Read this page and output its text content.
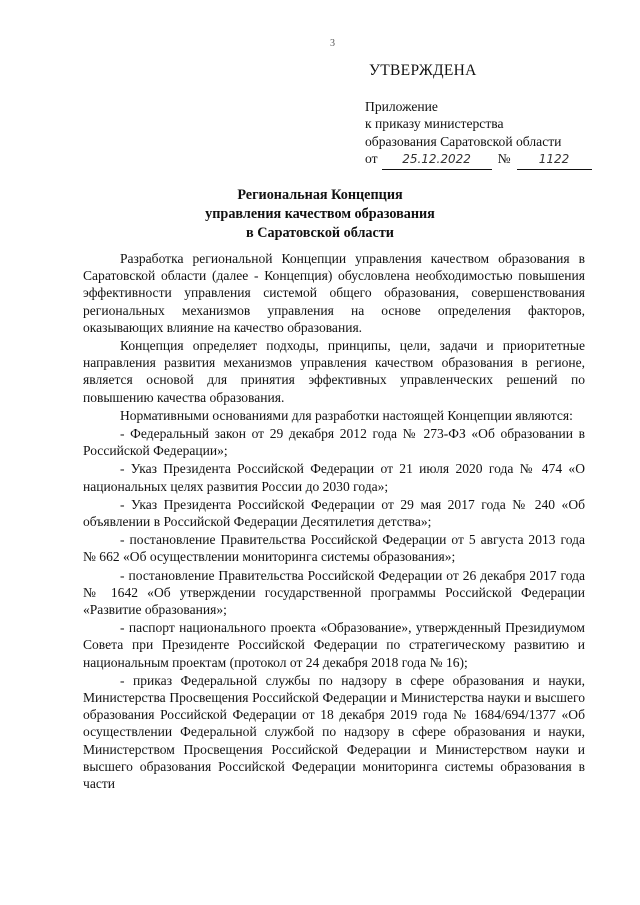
3
УТВЕРЖДЕНА
Приложение
к приказу министерства
образования Саратовской области
от	25.12.2022	№	1122
Региональная Концепция
управления качеством образования
в Саратовской области

Разработка региональной Концепции управления качеством образования в Саратовской области (далее - Концепция) обусловлена необходимостью повышения эффективности управления системой общего образования, совершенствования региональных механизмов управления на основе определения факторов, оказывающих влияние на качество образования.

Концепция определяет подходы, принципы, цели, задачи и приоритетные направления развития механизмов управления качеством образования в регионе, является основой для принятия эффективных управленческих решений по повышению качества образования.

Нормативными основаниями для разработки настоящей Концепции являются:

- Федеральный закон от 29 декабря 2012 года № 273-ФЗ «Об образовании в Российской Федерации»;

- Указ Президента Российской Федерации от 21 июля 2020 года № 474 «О национальных целях развития России до 2030 года»;

- Указ Президента Российской Федерации от 29 мая 2017 года № 240 «Об объявлении в Российской Федерации Десятилетия детства»;

- постановление Правительства Российской Федерации от 5 августа 2013 года № 662 «Об осуществлении мониторинга системы образования»;

- постановление Правительства Российской Федерации от 26 декабря 2017 года № 1642 «Об утверждении государственной программы Российской Федерации «Развитие образования»;

- паспорт национального проекта «Образование», утвержденный Президиумом Совета при Президенте Российской Федерации по стратегическому развитию и национальным проектам (протокол от 24 декабря 2018 года № 16);

- приказ Федеральной службы по надзору в сфере образования и науки, Министерства Просвещения Российской Федерации и Министерства науки и высшего образования Российской Федерации от 18 декабря 2019 года № 1684/694/1377 «Об осуществлении Федеральной службой по надзору в сфере образования и науки, Министерством Просвещения Российской Федерации и Министерством науки и высшего образования Российской Федерации мониторинга системы образования в части
